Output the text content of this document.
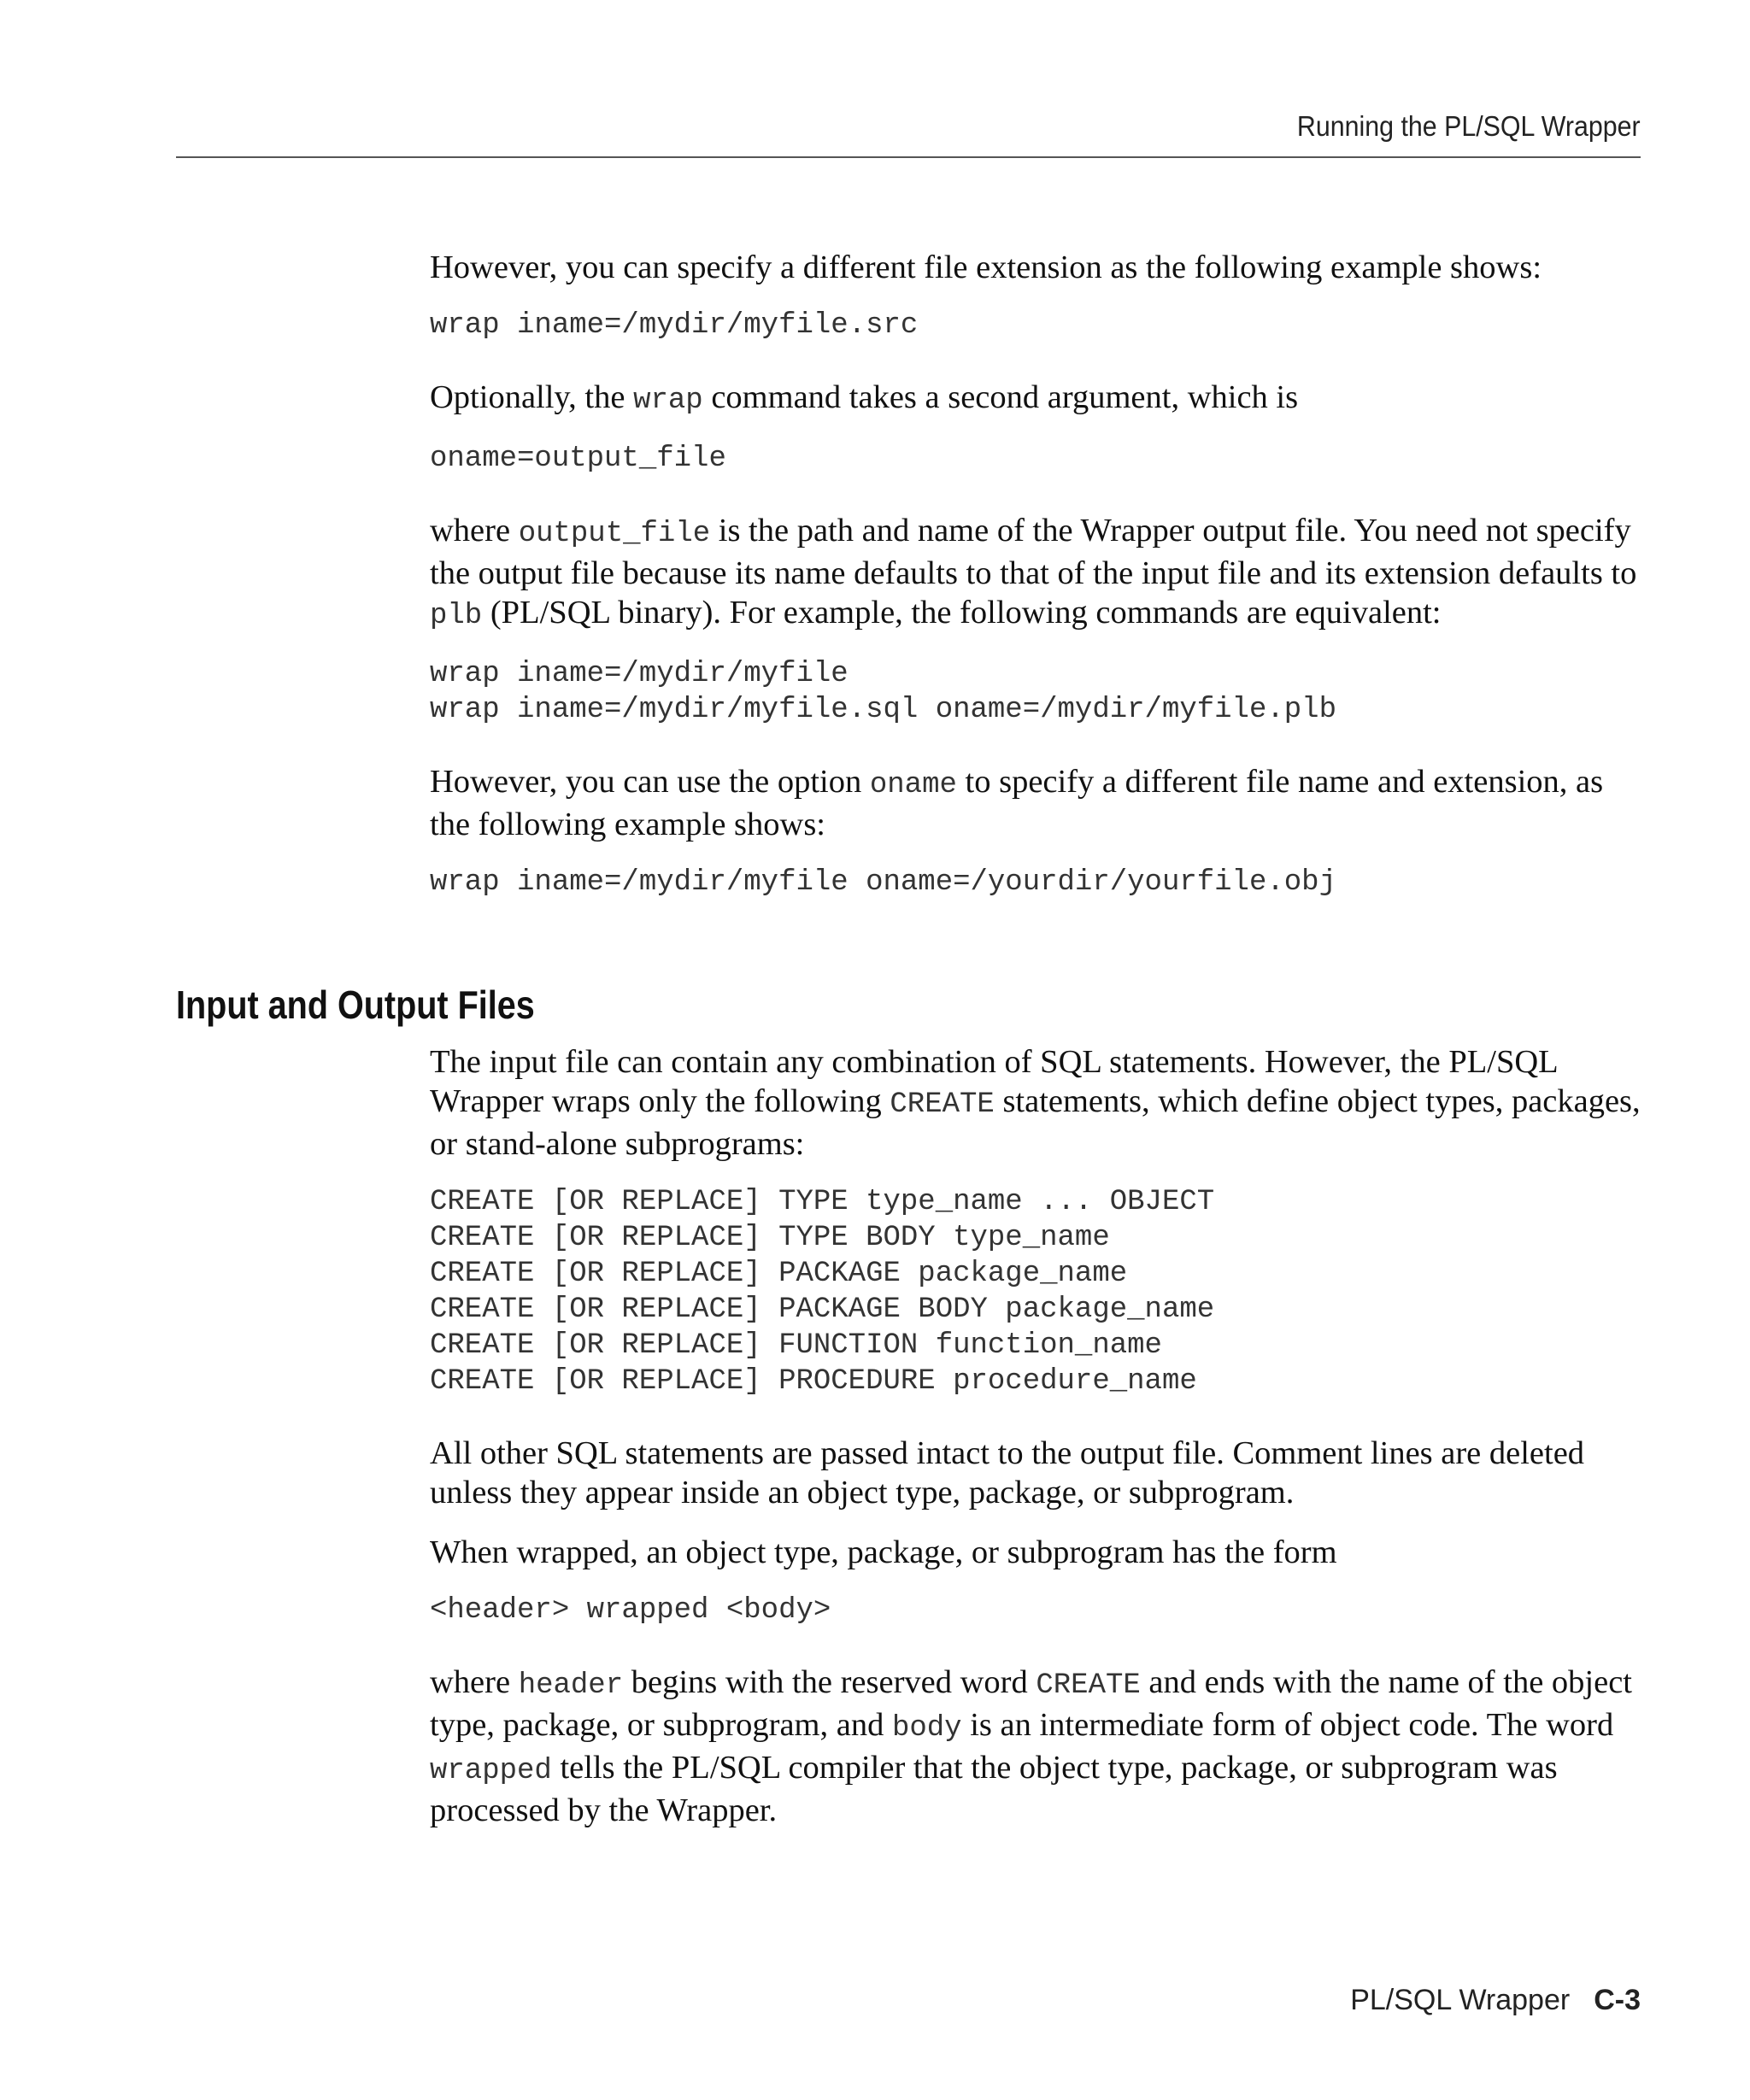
Running the PL/SQL Wrapper

However, you can specify a different file extension as the following example shows:

wrap iname=/mydir/myfile.src

Optionally, the wrap command takes a second argument, which is

oname=output_file

where output_file is the path and name of the Wrapper output file. You need not specify the output file because its name defaults to that of the input file and its extension defaults to plb (PL/SQL binary). For example, the following commands are equivalent:

wrap iname=/mydir/myfile
wrap iname=/mydir/myfile.sql oname=/mydir/myfile.plb

However, you can use the option oname to specify a different file name and extension, as the following example shows:

wrap iname=/mydir/myfile oname=/yourdir/yourfile.obj
Input and Output Files

The input file can contain any combination of SQL statements. However, the PL/SQL Wrapper wraps only the following CREATE statements, which define object types, packages, or stand-alone subprograms:

CREATE [OR REPLACE] TYPE type_name ... OBJECT
CREATE [OR REPLACE] TYPE BODY type_name
CREATE [OR REPLACE] PACKAGE package_name
CREATE [OR REPLACE] PACKAGE BODY package_name
CREATE [OR REPLACE] FUNCTION function_name
CREATE [OR REPLACE] PROCEDURE procedure_name

All other SQL statements are passed intact to the output file. Comment lines are deleted unless they appear inside an object type, package, or subprogram.

When wrapped, an object type, package, or subprogram has the form

<header> wrapped <body>

where header begins with the reserved word CREATE and ends with the name of the object type, package, or subprogram, and body is an intermediate form of object code. The word wrapped tells the PL/SQL compiler that the object type, package, or subprogram was processed by the Wrapper.

PL/SQL Wrapper C-3
